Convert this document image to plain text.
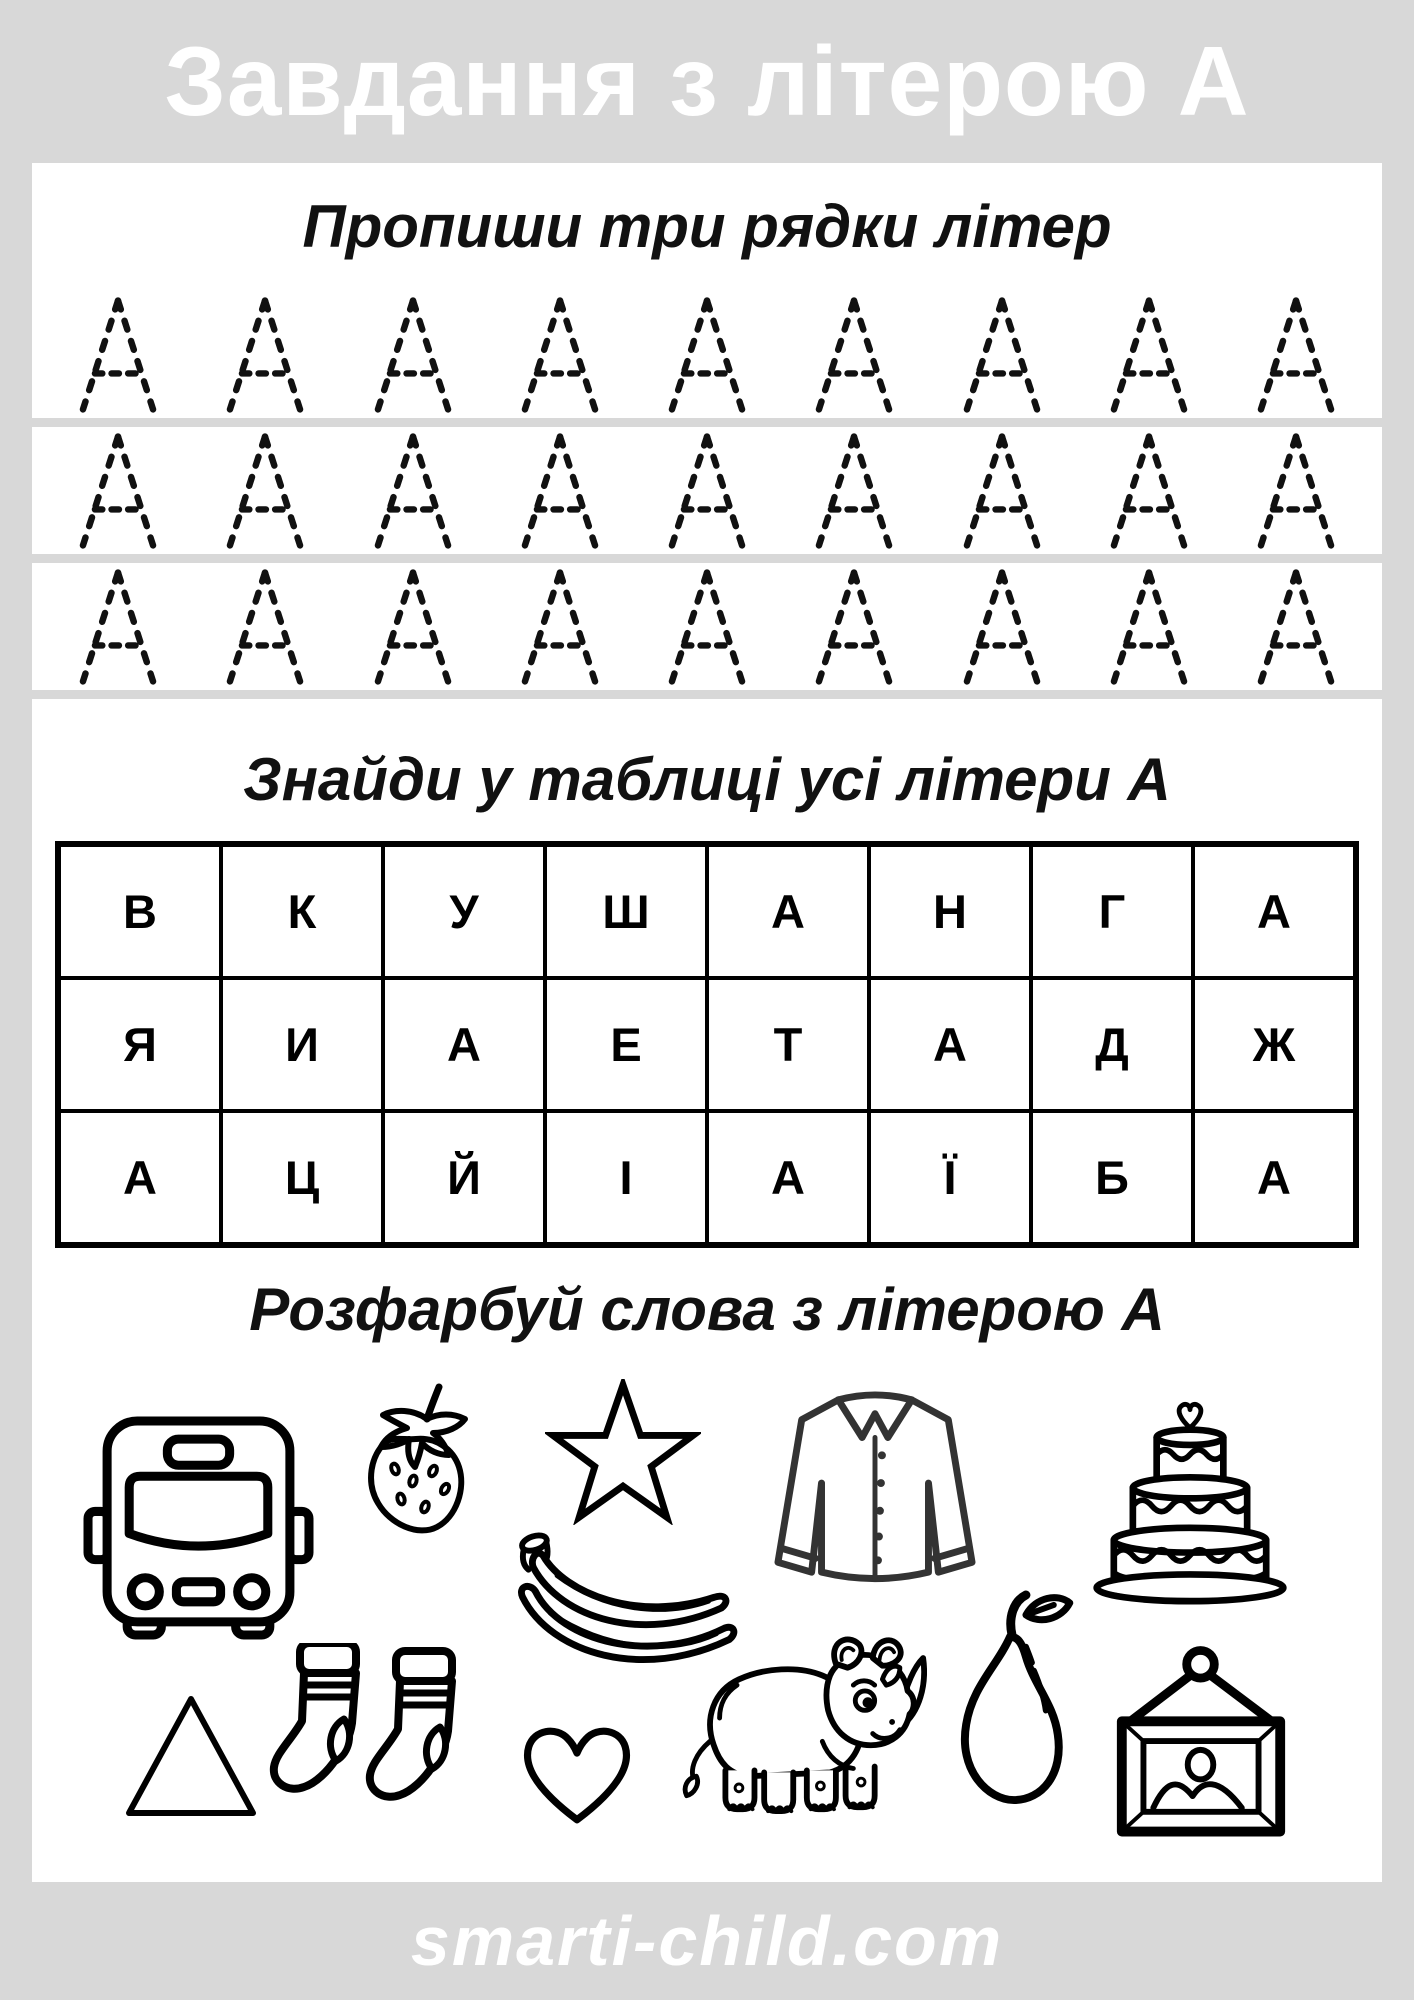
Завдання з літерою А
Пропиши три рядки літер
Знайди у таблиці усі літери А
В	К	У	Ш	А	Н	Г	А
Я	И	А	Е	Т	А	Д	Ж
А	Ц	Й	І	А	Ї	Б	А
Розфарбуй слова з літерою А

smarti-child.com
